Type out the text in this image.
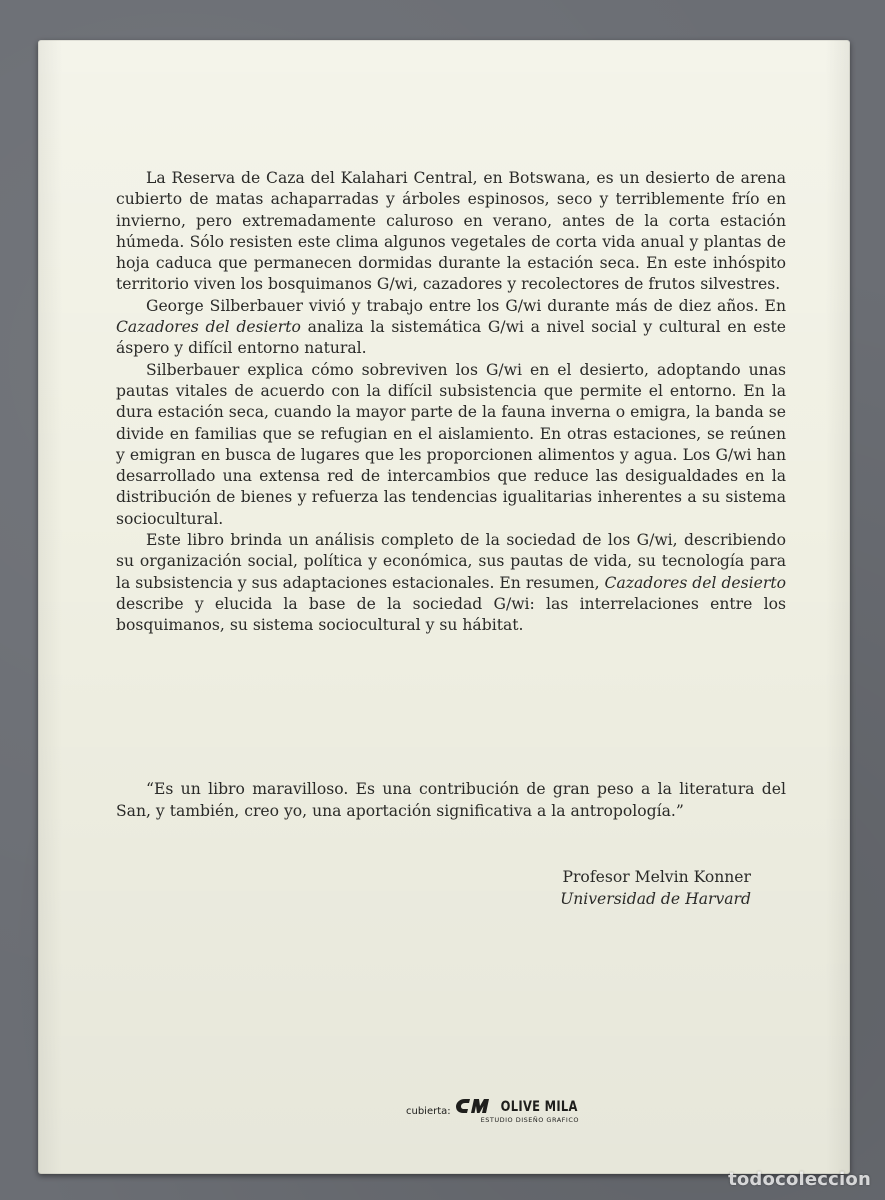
La Reserva de Caza del Kalahari Central, en Botswana, es un desierto de arena cubierto de matas achaparradas y árboles espinosos, seco y terriblemente frío en invierno, pero extremadamente caluroso en verano, antes de la corta estación húmeda. Sólo resisten este clima algunos vegetales de corta vida anual y plantas de hoja caduca que permanecen dormidas durante la estación seca. En este inhóspito territorio viven los bosquimanos G/wi, cazadores y recolectores de frutos silvestres.

George Silberbauer vivió y trabajo entre los G/wi durante más de diez años. En Cazadores del desierto analiza la sistemática G/wi a nivel social y cultural en este áspero y difícil entorno natural.

Silberbauer explica cómo sobreviven los G/wi en el desierto, adoptando unas pautas vitales de acuerdo con la difícil subsistencia que permite el entorno. En la dura estación seca, cuando la mayor parte de la fauna inverna o emigra, la banda se divide en familias que se refugian en el aislamiento. En otras estaciones, se reúnen y emigran en busca de lugares que les proporcionen alimentos y agua. Los G/wi han desarrollado una extensa red de intercambios que reduce las desigualdades en la distribución de bienes y refuerza las tendencias igualitarias inherentes a su sistema sociocultural.

Este libro brinda un análisis completo de la sociedad de los G/wi, describiendo su organización social, política y económica, sus pautas de vida, su tecnología para la subsistencia y sus adaptaciones estacionales. En resumen, Cazadores del desierto describe y elucida la base de la sociedad G/wi: las interrelaciones entre los bosquimanos, su sistema sociocultural y su hábitat.

“Es un libro maravilloso. Es una contribución de gran peso a la literatura del San, y también, creo yo, una aportación significativa a la antropología.”

Profesor Melvin Konner
Universidad de Harvard
cubierta:	OLIVE MILA
ESTUDIO DISEÑO GRAFICO
todocoleccion
